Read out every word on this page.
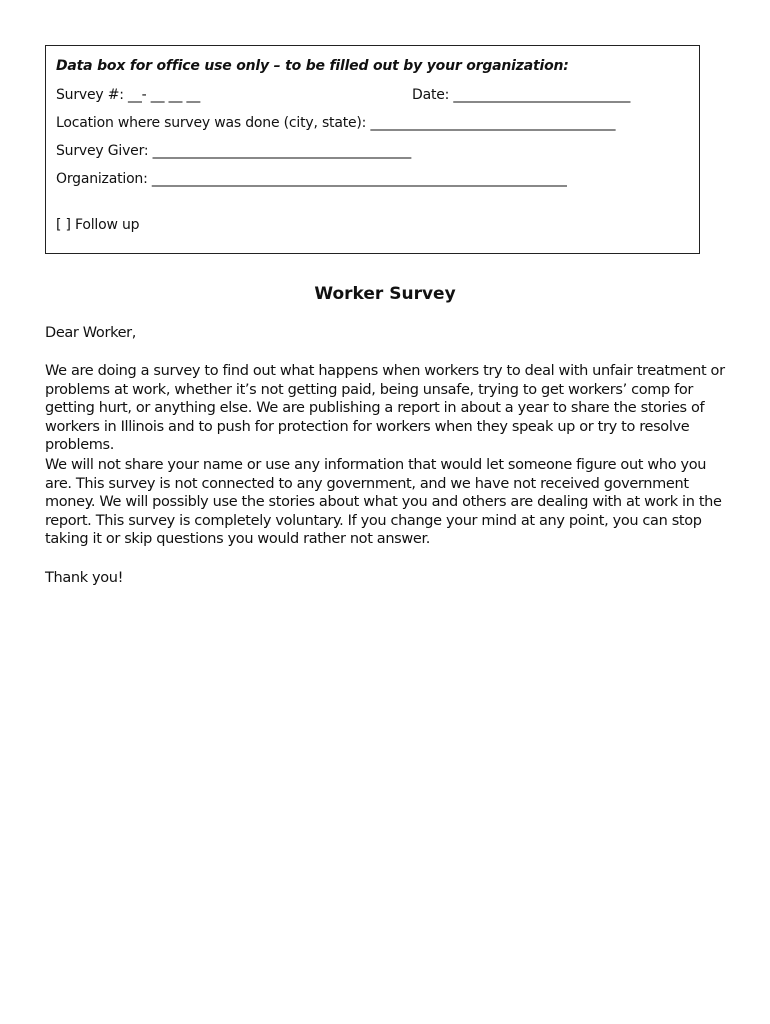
Data box for office use only – to be filled out by your organization:
Survey #: __- __ __ __	Date: __________________________
Location where survey was done (city, state): ____________________________________
Survey Giver: ______________________________________
Organization: _____________________________________________________________
[ ] Follow up
Worker Survey

Dear Worker,

We are doing a survey to find out what happens when workers try to deal with unfair treatment or problems at work, whether it’s not getting paid, being unsafe, trying to get workers’ comp for getting hurt, or anything else. We are publishing a report in about a year to share the stories of workers in Illinois and to push for protection for workers when they speak up or try to resolve problems.

We will not share your name or use any information that would let someone figure out who you are. This survey is not connected to any government, and we have not received government money. We will possibly use the stories about what you and others are dealing with at work in the report. This survey is completely voluntary. If you change your mind at any point, you can stop taking it or skip questions you would rather not answer.

Thank you!
